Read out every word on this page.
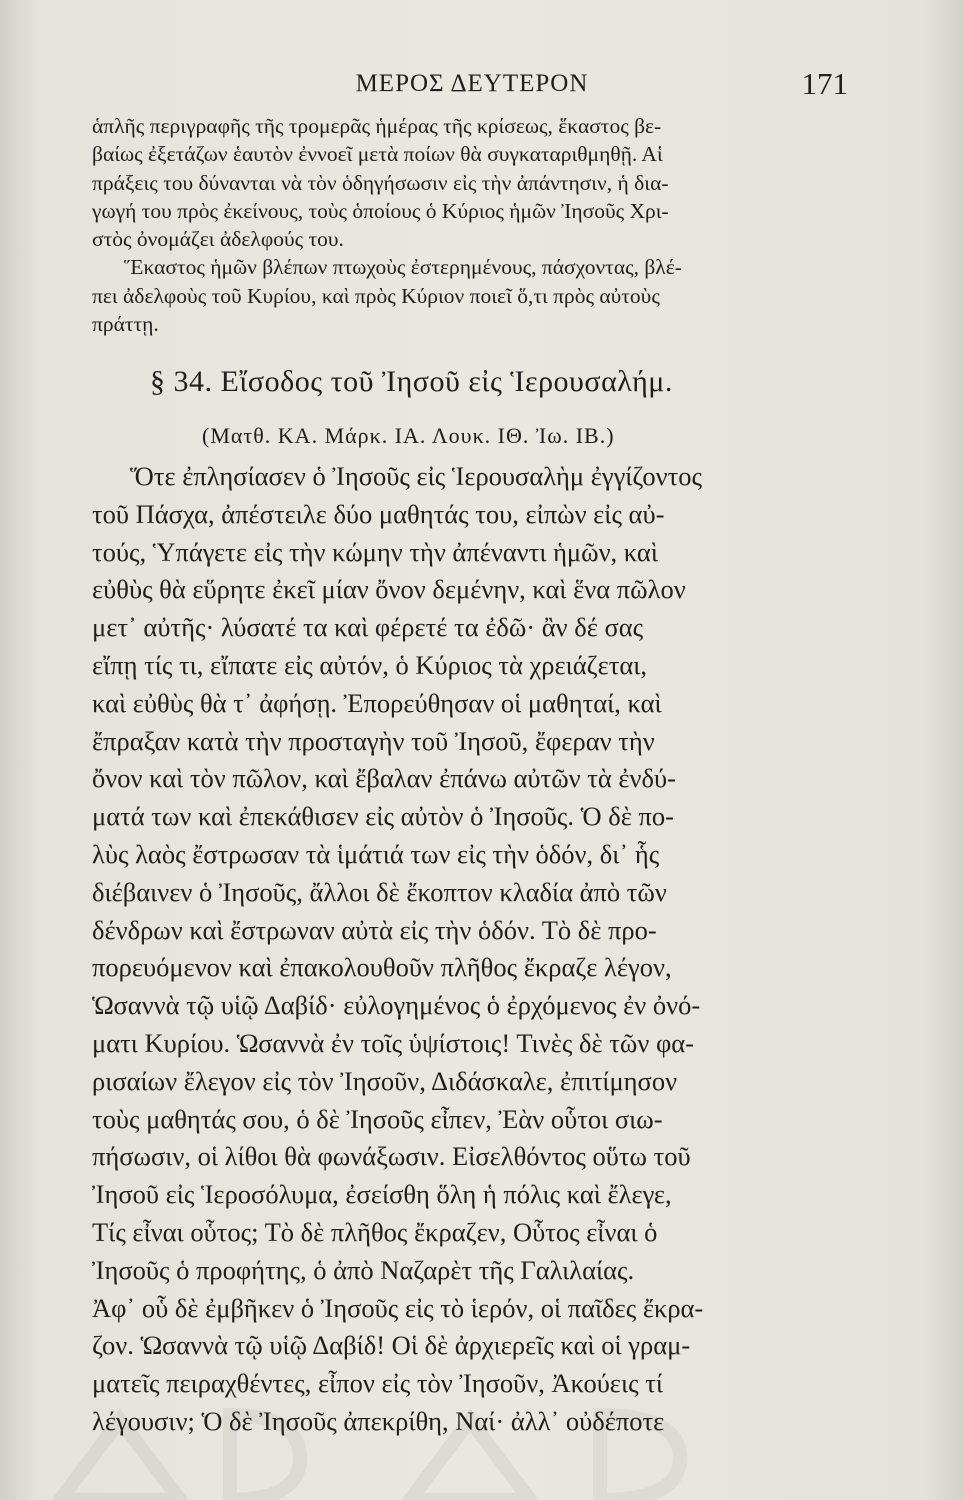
ΜΕΡΟΣ ΔΕΥΤΕΡΟΝ	171

ἁπλῆς περιγραφῆς τῆς τρομερᾶς ἡμέρας τῆς κρίσεως, ἕκαστος βε-

βαίως ἐξετάζων ἑαυτὸν ἐννοεῖ μετὰ ποίων θὰ συγκαταριθμηθῇ. Αἱ

πράξεις του δύνανται νὰ τὸν ὁδηγήσωσιν εἰς τὴν ἀπάντησιν, ἡ δια-

γωγή του πρὸς ἐκείνους, τοὺς ὁποίους ὁ Κύριος ἡμῶν Ἰησοῦς Χρι-

στὸς ὀνομάζει ἀδελφούς του.

Ἕκαστος ἡμῶν βλέπων πτωχοὺς ἐστερημένους, πάσχοντας, βλέ-

πει ἀδελφοὺς τοῦ Κυρίου, καὶ πρὸς Κύριον ποιεῖ ὅ,τι πρὸς αὐτοὺς

πράττῃ.

§ 34. Εἴσοδος τοῦ Ἰησοῦ εἰς Ἱερουσαλήμ.
(Ματθ. ΚΑ. Μάρκ. ΙΑ. Λουκ. ΙΘ. Ἰω. ΙΒ.)

Ὅτε ἐπλησίασεν ὁ Ἰησοῦς εἰς Ἱερουσαλὴμ ἐγγίζοντος

τοῦ Πάσχα, ἀπέστειλε δύο μαθητάς του, εἰπὼν εἰς αὐ-

τούς, Ὑπάγετε εἰς τὴν κώμην τὴν ἀπέναντι ἡμῶν, καὶ

εὐθὺς θὰ εὕρητε ἐκεῖ μίαν ὄνον δεμένην, καὶ ἕνα πῶλον

μετ᾽ αὐτῆς· λύσατέ τα καὶ φέρετέ τα ἐδῶ· ἂν δέ σας

εἴπῃ τίς τι, εἴπατε εἰς αὐτόν, ὁ Κύριος τὰ χρειάζεται,

καὶ εὐθὺς θὰ τ᾽ ἀφήσῃ. Ἐπορεύθησαν οἱ μαθηταί, καὶ

ἔπραξαν κατὰ τὴν προσταγὴν τοῦ Ἰησοῦ, ἔφεραν τὴν

ὄνον καὶ τὸν πῶλον, καὶ ἔβαλαν ἐπάνω αὐτῶν τὰ ἐνδύ-

ματά των καὶ ἐπεκάθισεν εἰς αὐτὸν ὁ Ἰησοῦς. Ὁ δὲ πο-

λὺς λαὸς ἔστρωσαν τὰ ἱμάτιά των εἰς τὴν ὁδόν, δι᾽ ἧς

διέβαινεν ὁ Ἰησοῦς, ἄλλοι δὲ ἔκοπτον κλαδία ἀπὸ τῶν

δένδρων καὶ ἔστρωναν αὐτὰ εἰς τὴν ὁδόν. Τὸ δὲ προ-

πορευόμενον καὶ ἐπακολουθοῦν πλῆθος ἔκραζε λέγον,

Ὡσαννὰ τῷ υἱῷ Δαβίδ· εὐλογημένος ὁ ἐρχόμενος ἐν ὀνό-

ματι Κυρίου. Ὡσαννὰ ἐν τοῖς ὑψίστοις! Τινὲς δὲ τῶν φα-

ρισαίων ἔλεγον εἰς τὸν Ἰησοῦν, Διδάσκαλε, ἐπιτίμησον

τοὺς μαθητάς σου, ὁ δὲ Ἰησοῦς εἶπεν, Ἐὰν οὗτοι σιω-

πήσωσιν, οἱ λίθοι θὰ φωνάξωσιν. Εἰσελθόντος οὕτω τοῦ

Ἰησοῦ εἰς Ἱεροσόλυμα, ἐσείσθη ὅλη ἡ πόλις καὶ ἔλεγε,

Τίς εἶναι οὗτος; Τὸ δὲ πλῆθος ἔκραζεν, Οὗτος εἶναι ὁ

Ἰησοῦς ὁ προφήτης, ὁ ἀπὸ Ναζαρὲτ τῆς Γαλιλαίας.

Ἀφ᾽ οὗ δὲ ἐμβῆκεν ὁ Ἰησοῦς εἰς τὸ ἱερόν, οἱ παῖδες ἔκρα-

ζον. Ὡσαννὰ τῷ υἱῷ Δαβίδ! Οἱ δὲ ἀρχιερεῖς καὶ οἱ γραμ-

ματεῖς πειραχθέντες, εἶπον εἰς τὸν Ἰησοῦν, Ἀκούεις τί

λέγουσιν; Ὁ δὲ Ἰησοῦς ἀπεκρίθη, Ναί· ἀλλ᾽ οὐδέποτε
